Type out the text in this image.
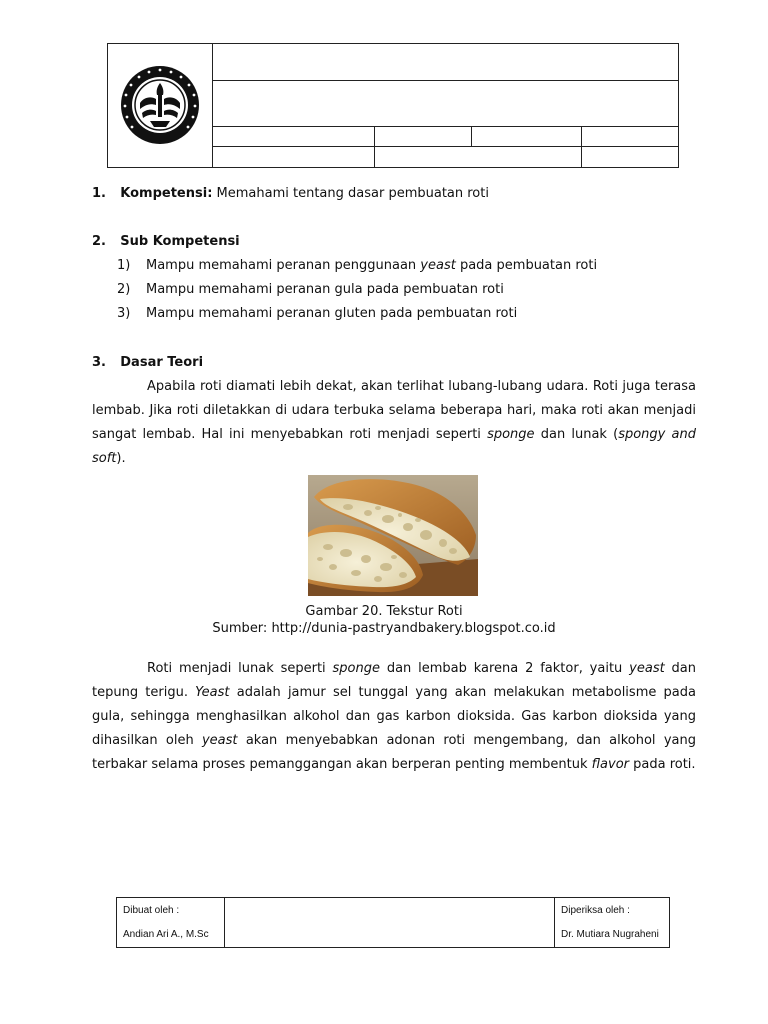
1. Kompetensi: Memahami tentang dasar pembuatan roti
2. Sub Kompetensi
1) Mampu memahami peranan penggunaan yeast pada pembuatan roti
2) Mampu memahami peranan gula pada pembuatan roti
3) Mampu memahami peranan gluten pada pembuatan roti
3. Dasar Teori
Apabila roti diamati lebih dekat, akan terlihat lubang-lubang udara. Roti juga terasa lembab. Jika roti diletakkan di udara terbuka selama beberapa hari, maka roti akan menjadi sangat lembab. Hal ini menyebabkan roti menjadi seperti sponge dan lunak (spongy and soft).
Gambar 20. Tekstur Roti
Sumber: http://dunia-pastryandbakery.blogspot.co.id
Roti menjadi lunak seperti sponge dan lembab karena 2 faktor, yaitu yeast dan tepung terigu. Yeast adalah jamur sel tunggal yang akan melakukan metabolisme pada gula, sehingga menghasilkan alkohol dan gas karbon dioksida. Gas karbon dioksida yang dihasilkan oleh yeast akan menyebabkan adonan roti mengembang, dan alkohol yang terbakar selama proses pemanggangan akan berperan penting membentuk flavor pada roti.
Dibuat oleh :
Andian Ari A., M.Sc
Diperiksa oleh :
Dr. Mutiara Nugraheni
